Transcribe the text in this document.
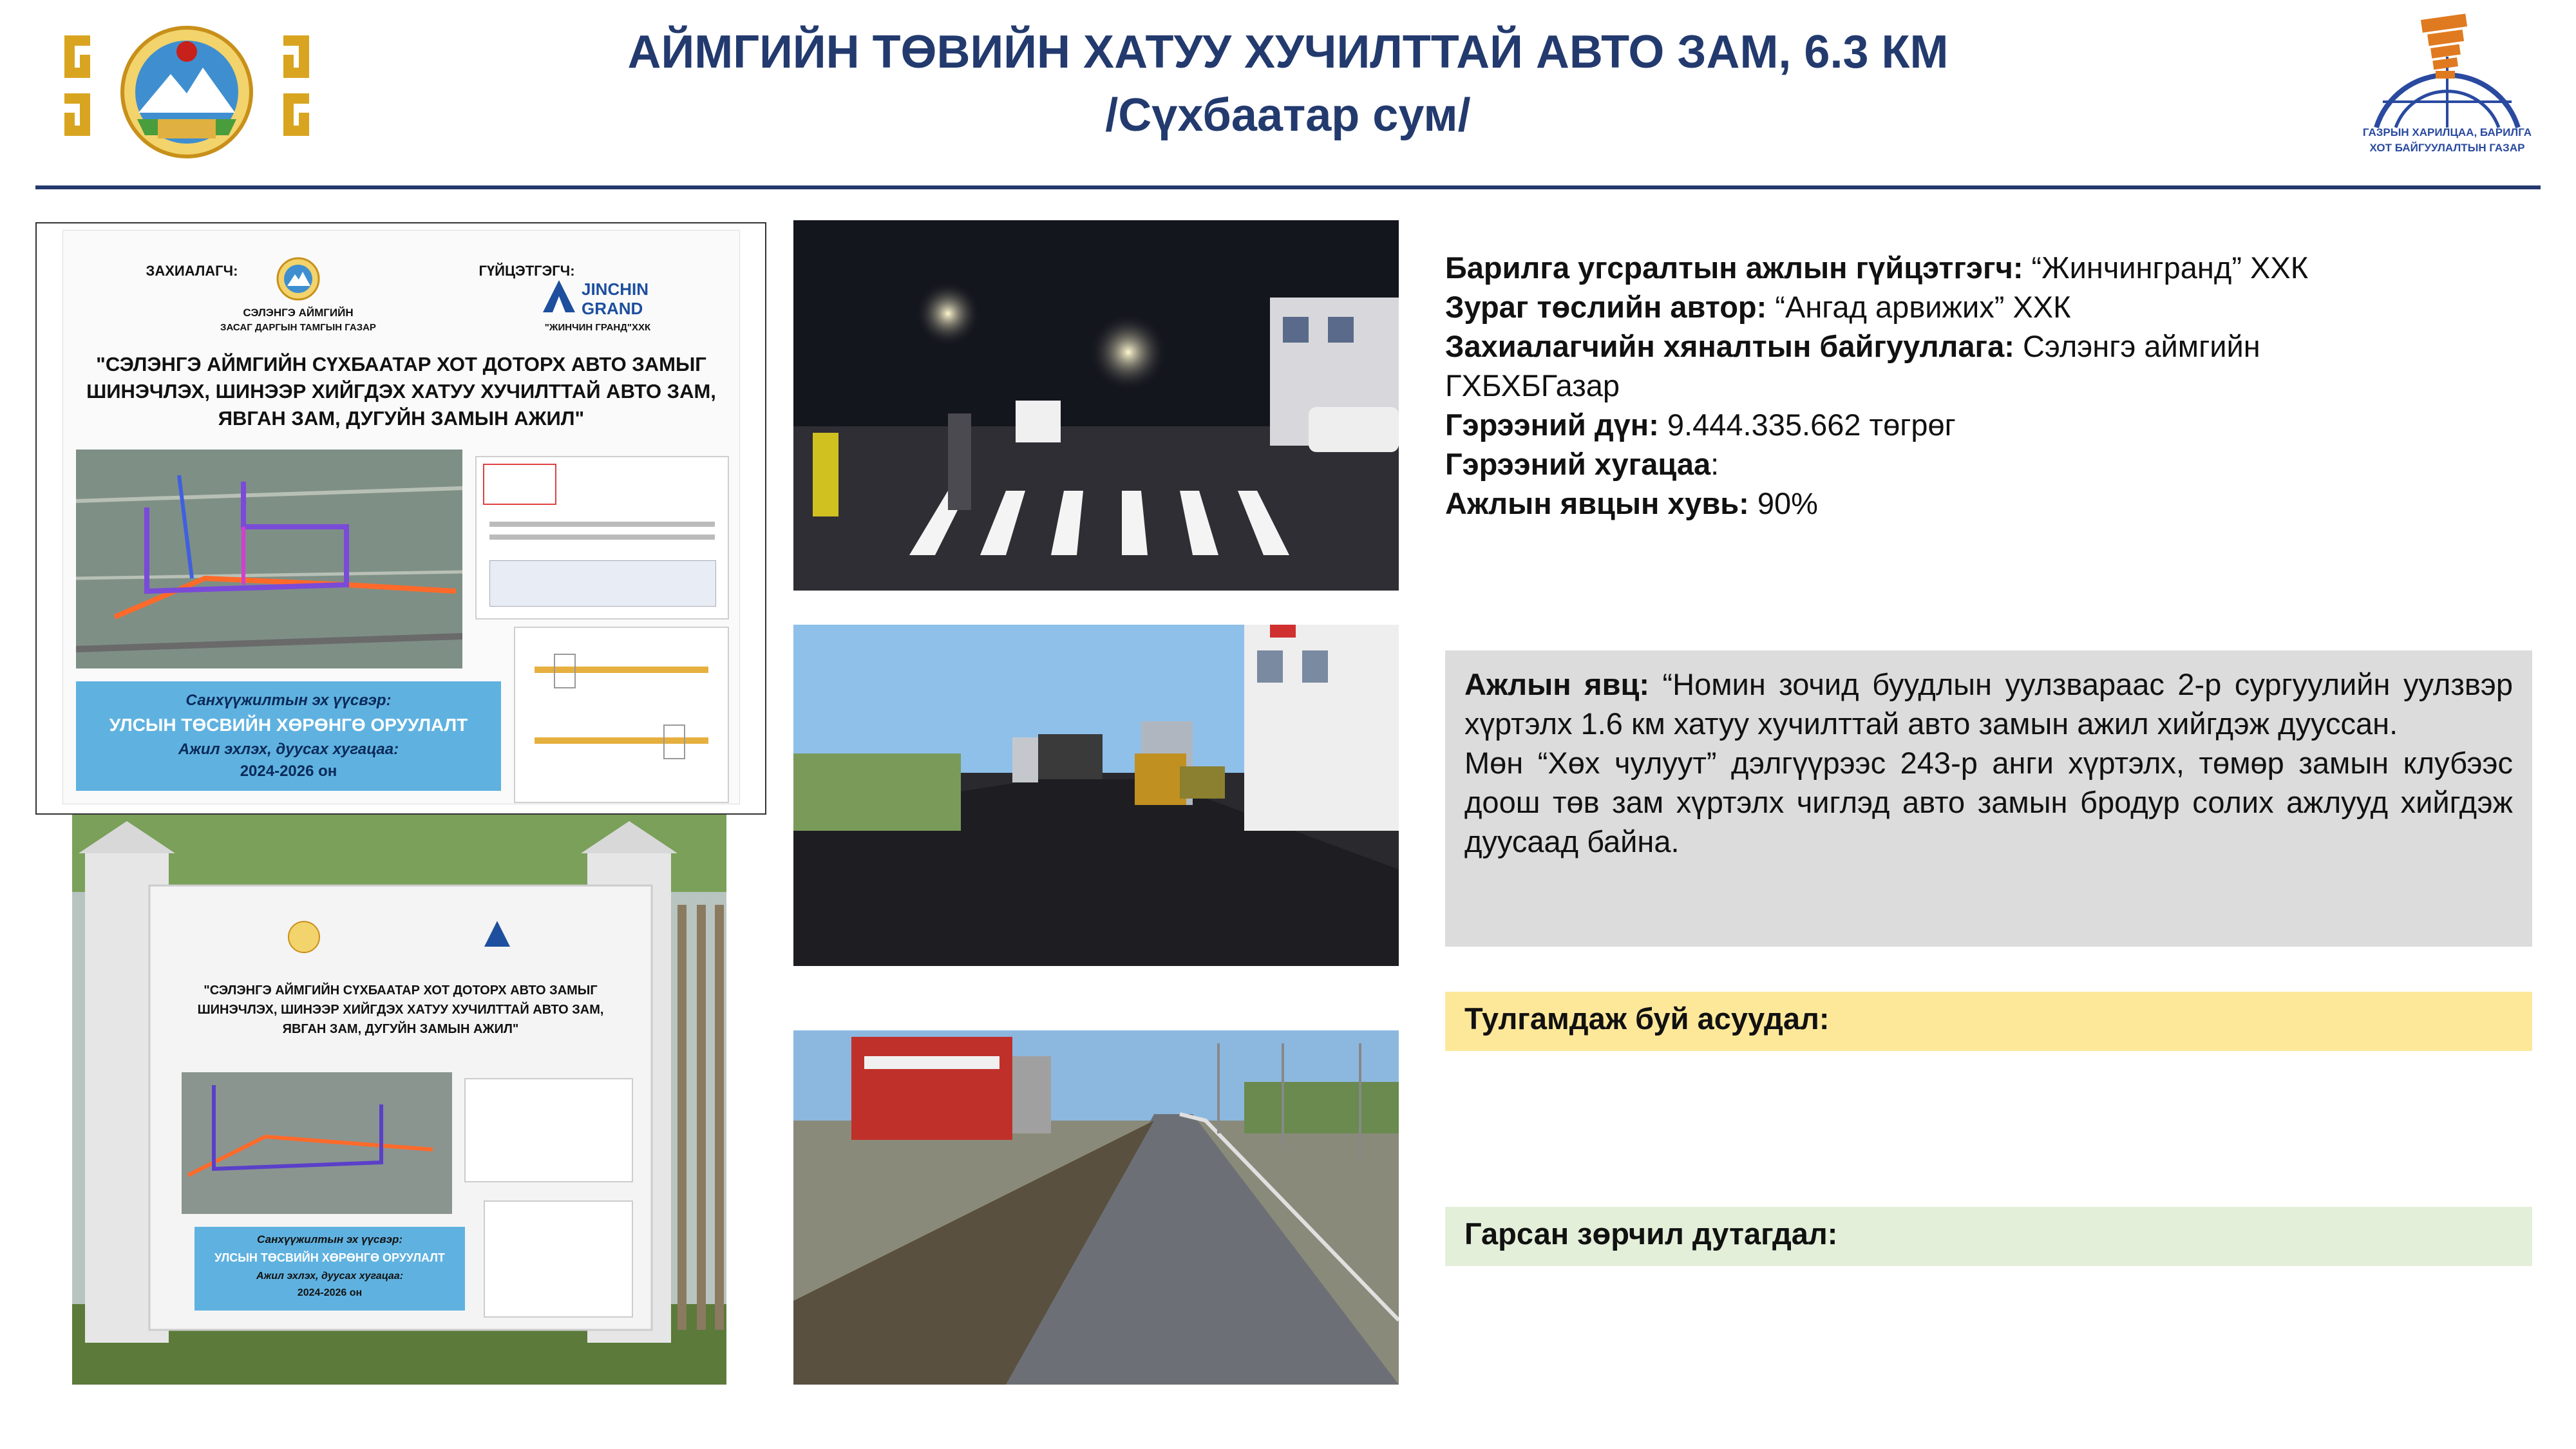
АЙМГИЙН ТӨВИЙН ХАТУУ ХУЧИЛТТАЙ АВТО ЗАМ, 6.3 КМ
/Сүхбаатар сум/	ГАЗРЫН ХАРИЛЦАА, БАРИЛГА
ХОТ БАЙГУУЛАЛТЫН ГАЗАР
ЗАХИАЛАГЧ:
СЭЛЭНГЭ АЙМГИЙН
ЗАСАГ ДАРГЫН ТАМГЫН ГАЗАР
ГҮЙЦЭТГЭГЧ:
JINCHIN
GRAND
"ЖИНЧИН ГРАНД"ХХК
"СЭЛЭНГЭ АЙМГИЙН СҮХБААТАР ХОТ ДОТОРХ АВТО ЗАМЫГ
ШИНЭЧЛЭХ, ШИНЭЭР ХИЙГДЭХ ХАТУУ ХУЧИЛТТАЙ АВТО ЗАМ,
ЯВГАН ЗАМ, ДУГУЙН ЗАМЫН АЖИЛ"
Санхүүжилтын эх үүсвэр:
УЛСЫН ТӨСВИЙН ХӨРӨНГӨ ОРУУЛАЛТ
Ажил эхлэх, дуусах хугацаа:
2024-2026 он
"СЭЛЭНГЭ АЙМГИЙН СҮХБААТАР ХОТ ДОТОРХ АВТО ЗАМЫГ
ШИНЭЧЛЭХ, ШИНЭЭР ХИЙГДЭХ ХАТУУ ХУЧИЛТТАЙ АВТО ЗАМ,
ЯВГАН ЗАМ, ДУГУЙН ЗАМЫН АЖИЛ"
Санхүүжилтын эх үүсвэр:
УЛСЫН ТӨСВИЙН ХӨРӨНГӨ ОРУУЛАЛТ
Ажил эхлэх, дуусах хугацаа:
2024-2026 он
Барилга угсралтын ажлын гүйцэтгэгч: “Жинчингранд” ХХК
Зураг төслийн автор: “Ангад арвижих” ХХК
Захиалагчийн хяналтын байгууллага: Сэлэнгэ аймгийн ГХБХБГазар
Гэрээний дүн: 9.444.335.662 төгрөг
Гэрээний хугацаа:
Ажлын явцын хувь: 90%
Ажлын явц: “Номин зочид буудлын уулзвараас 2-р сургуулийн уулзвэр хүртэлх 1.6 км хатуу хучилттай авто замын ажил хийгдэж дууссан.
Мөн “Хөх чулуут” дэлгүүрээс 243-р анги хүртэлх, төмөр замын клубээс доош төв зам хүртэлх чиглэд авто замын бродур солих ажлууд хийгдэж дуусаад байна.
Тулгамдаж буй асуудал:
Гарсан зөрчил дутагдал:
